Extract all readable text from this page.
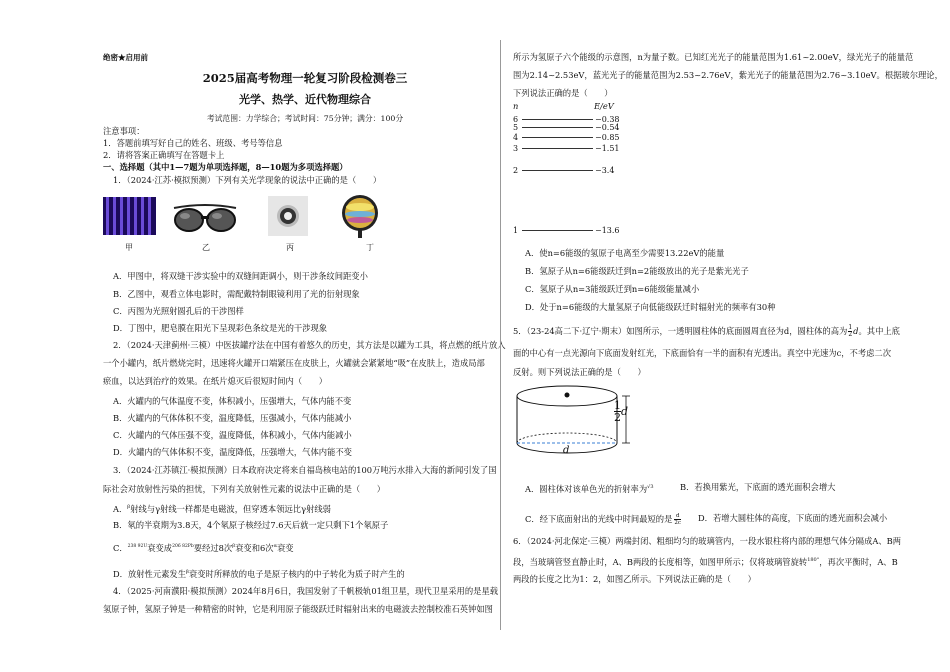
绝密★启用前
2025届高考物理一轮复习阶段检测卷三
光学、热学、近代物理综合
考试范围：力学综合；考试时间：75分钟；满分：100分
注意事项：
1．答题前填写好自己的姓名、班级、考号等信息
2．请将答案正确填写在答题卡上
一、选择题（其中1—7题为单项选择题，8—10题为多项选择题）
1．（2024·江苏·模拟预测）下列有关光学现象的说法中正确的是（　　）
甲	乙	丙	丁
A．甲图中，将双缝干涉实验中的双缝间距调小，则干涉条纹间距变小
B．乙图中，观看立体电影时，需配戴特制眼镜利用了光的衍射现象
C．丙图为光照射圆孔后的干涉图样
D．丁图中，肥皂膜在阳光下呈现彩色条纹是光的干涉现象
2．（2024·天津蓟州·三模）中医拔罐疗法在中国有着悠久的历史，其方法是以罐为工具，将点燃的纸片放入
一个小罐内，纸片燃烧完时，迅速将火罐开口端紧压在皮肤上，火罐就会紧紧地“吸”在皮肤上，造成局部
瘀血，以达到治疗的效果。在纸片熄灭后很短时间内（　　）
A．火罐内的气体温度不变，体积减小，压强增大，气体内能不变
B．火罐内的气体体积不变，温度降低，压强减小，气体内能减小
C．火罐内的气体压强不变，温度降低，体积减小，气体内能减小
D．火罐内的气体体积不变，温度降低，压强增大，气体内能不变
3．（2024·江苏镇江·模拟预测）日本政府决定将来自福岛核电站的100万吨污水排入大海的新闻引发了国
际社会对放射性污染的担忧，下列有关放射性元素的说法中正确的是（　　）
A．$^\beta$射线与γ射线一样都是电磁波，但穿透本领远比γ射线弱
B．氡的半衰期为3.8天，4个氡原子核经过7.6天后就一定只剩下1个氡原子
C．$^{238 92U}$衰变成$^{206 82Pb}$要经过8次$^\beta$衰变和6次$^\alpha$衰变
D．放射性元素发生$^\beta$衰变时所释放的电子是原子核内的中子转化为质子时产生的
4．（2025·河南濮阳·模拟预测）2024年8月6日，我国发射了千帆极轨01组卫星，现代卫星采用的是星载
氢原子钟，氢原子钟是一种精密的时钟，它是利用原子能级跃迁时辐射出来的电磁波去控制校准石英钟如图
所示为氢原子六个能级的示意图，n为量子数。已知红光光子的能量范围为1.61~2.00eV，绿光光子的能量范
围为2.14~2.53eV，蓝光光子的能量范围为2.53~2.76eV，紫光光子的能量范围为2.76~3.10eV。根据玻尔理论，
下列说法正确的是（　　）
n	E/eV
6	−0.38
5	−0.54
4	−0.85
3	−1.51
2	−3.4
1	−13.6
A．使n=6能级的氢原子电离至少需要13.22eV的能量
B．氢原子从n=6能级跃迁到n=2能级放出的光子是紫光光子
C．氢原子从n=3能级跃迁到n=6能级能量减小
D．处于n=6能级的大量氢原子向低能级跃迁时辐射光的频率有30种
5．（23-24高二下·辽宁·期末）如图所示，一透明圆柱体的底面圆周直径为d，圆柱体的高为 $\frac{1}{2}$ d。其中上底
面的中心有一点光源向下底面发射红光，下底面恰有一半的面积有光透出。真空中光速为c，不考虑二次
反射。则下列说法正确的是（　　）
$\frac{1}{2}$ d
d
A．圆柱体对该单色光的折射率为$^{√3}$	B．若换用紫光，下底面的透光面积会增大
C．经下底面射出的光线中时间最短的是 $\frac{d}{2c}$ D．若增大圆柱体的高度，下底面的透光面积会减小
6．（2024·河北保定·三模）两端封闭、粗细均匀的玻璃管内，一段水银柱将内部的理想气体分隔成A、B两
段，当玻璃管竖直静止时，A、B两段的长度相等，如图甲所示；仅将玻璃管旋转$^{180^\circ}$，再次平衡时，A、B
两段的长度之比为1：2，如图乙所示。下列说法正确的是（　　）
